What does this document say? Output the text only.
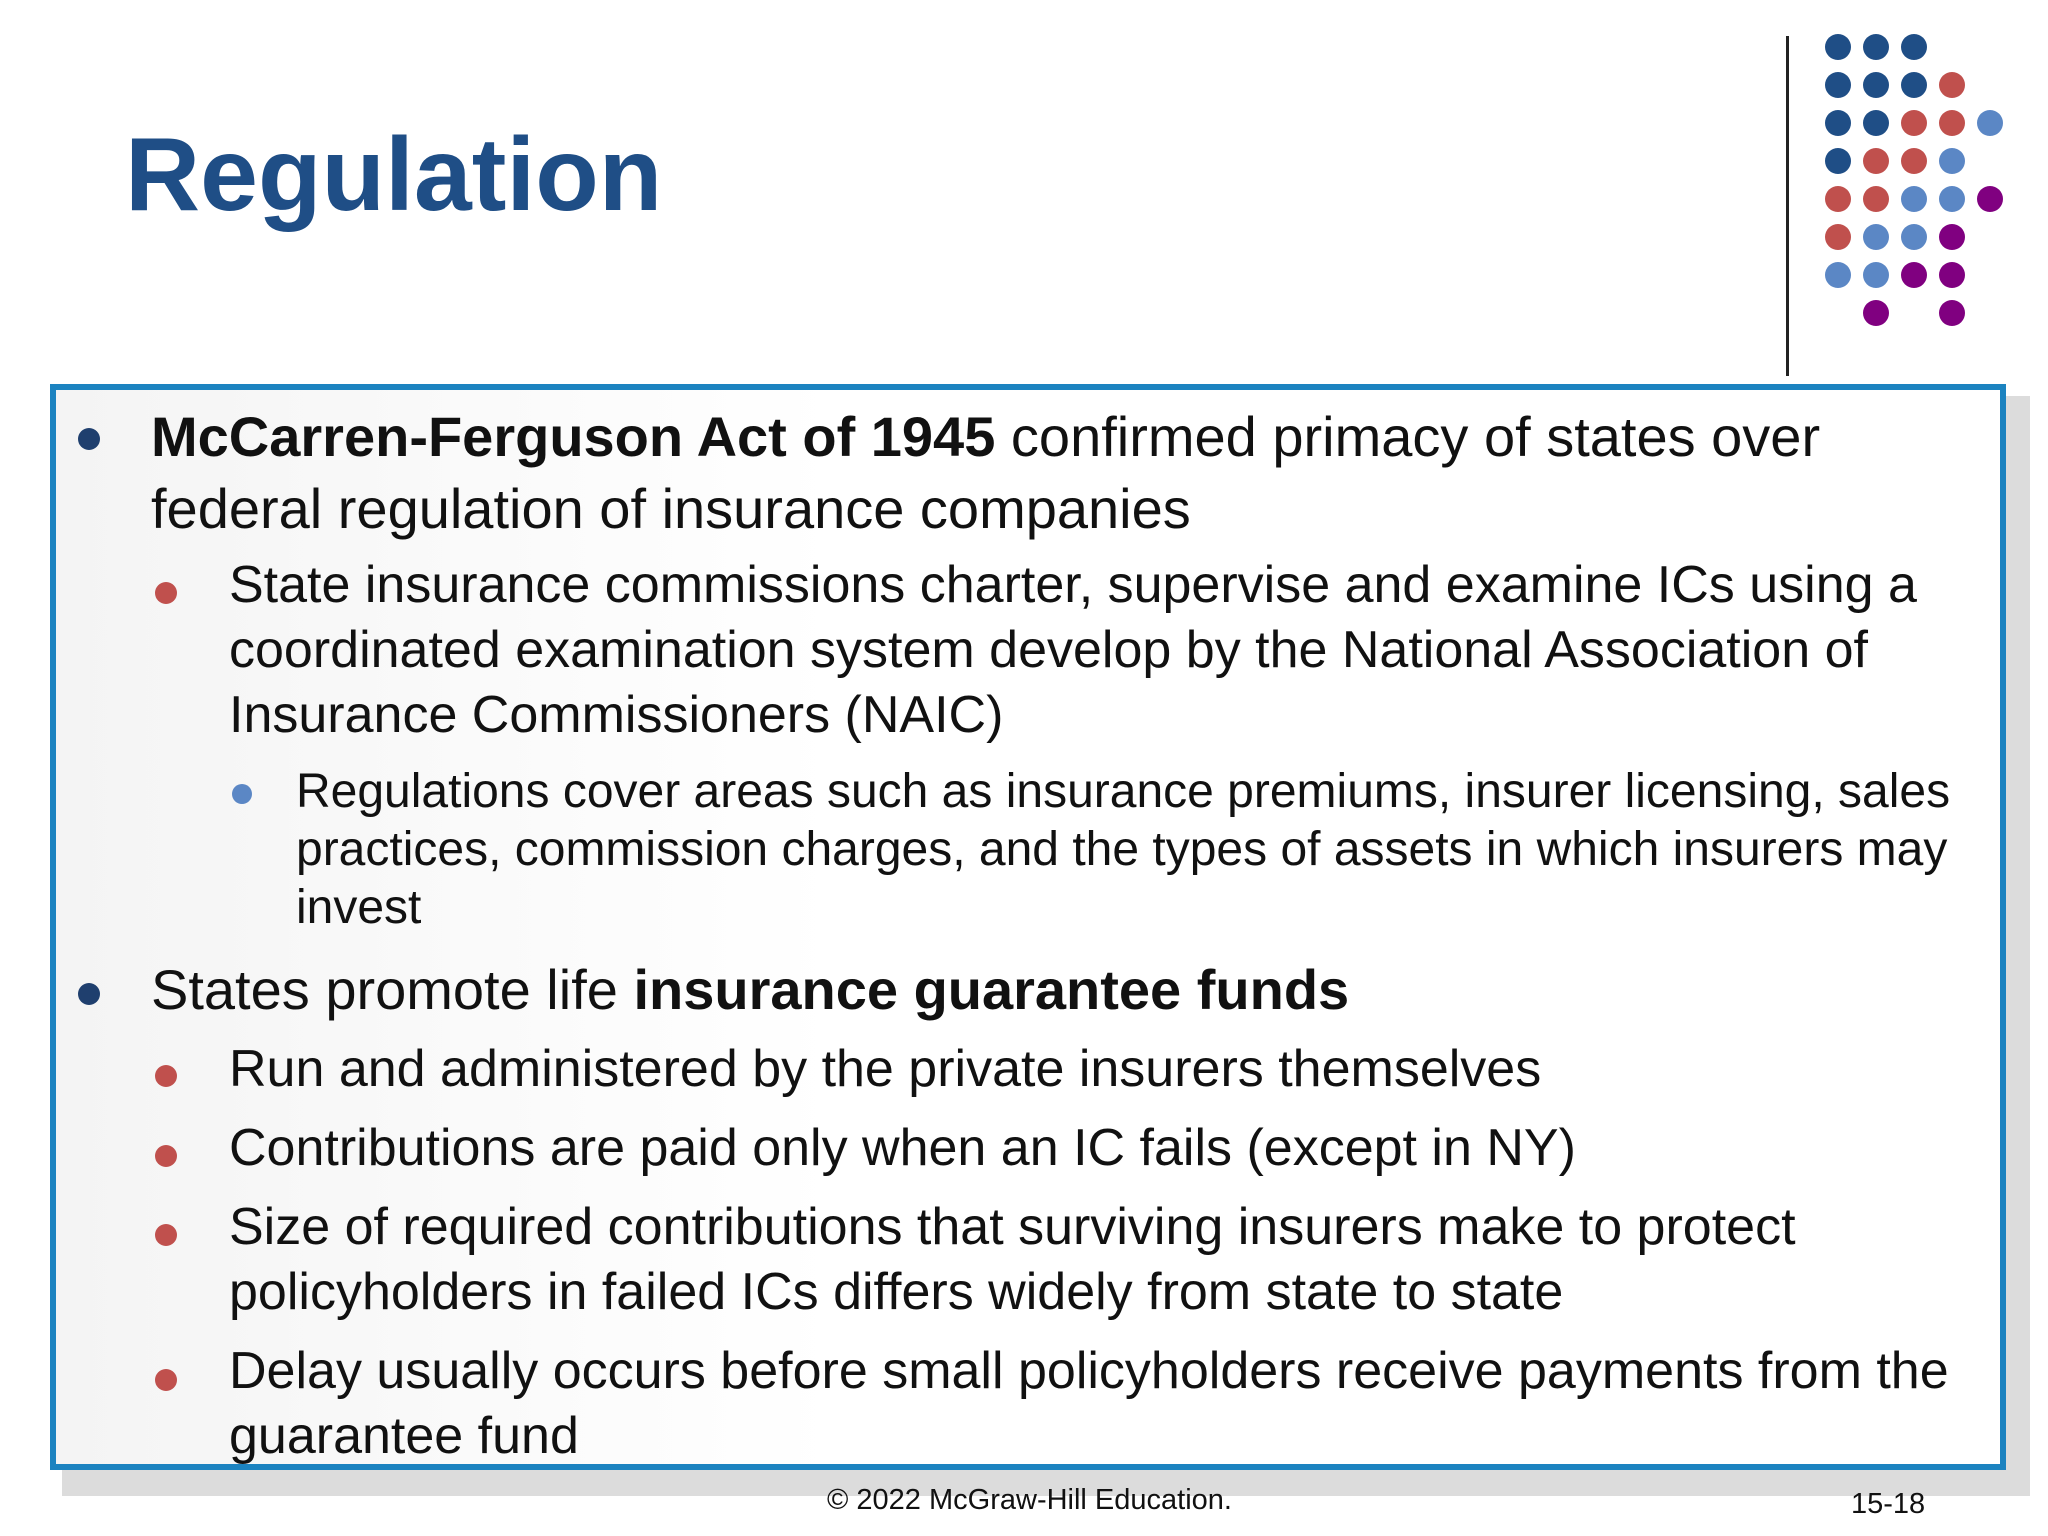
Regulation
McCarren-Ferguson Act of 1945 confirmed primacy of states over federal regulation of insurance companies
State insurance commissions charter, supervise and examine ICs using a coordinated examination system develop by the National Association of Insurance Commissioners (NAIC)
Regulations cover areas such as insurance premiums, insurer licensing, sales practices, commission charges, and the types of assets in which insurers may invest
States promote life insurance guarantee funds
Run and administered by the private insurers themselves
Contributions are paid only when an IC fails (except in NY)
Size of required contributions that surviving insurers make to protect policyholders in failed ICs differs widely from state to state
Delay usually occurs before small policyholders receive payments from the guarantee fund
© 2022 McGraw-Hill Education.	15-18
